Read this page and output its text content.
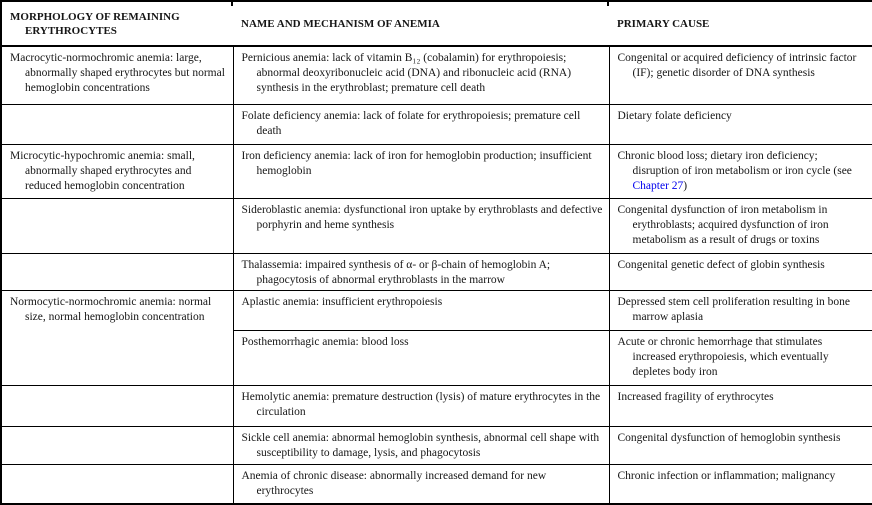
MORPHOLOGY OF REMAINING ERYTHROCYTES	NAME AND MECHANISM OF ANEMIA	PRIMARY CAUSE
Macrocytic-normochromic anemia: large, abnormally shaped erythrocytes but normal hemoglobin concentrations	Pernicious anemia: lack of vitamin B₁₂ (cobalamin) for erythropoiesis; abnormal deoxyribonucleic acid (DNA) and ribonucleic acid (RNA) synthesis in the erythroblast; premature cell death	Congenital or acquired deficiency of intrinsic factor (IF); genetic disorder of DNA synthesis
	Folate deficiency anemia: lack of folate for erythropoiesis; premature cell death	Dietary folate deficiency
Microcytic-hypochromic anemia: small, abnormally shaped erythrocytes and reduced hemoglobin concentration	Iron deficiency anemia: lack of iron for hemoglobin production; insufficient hemoglobin	Chronic blood loss; dietary iron deficiency; disruption of iron metabolism or iron cycle (see Chapter 27)
	Sideroblastic anemia: dysfunctional iron uptake by erythroblasts and defective porphyrin and heme synthesis	Congenital dysfunction of iron metabolism in erythroblasts; acquired dysfunction of iron metabolism as a result of drugs or toxins
	Thalassemia: impaired synthesis of α- or β-chain of hemoglobin A; phagocytosis of abnormal erythroblasts in the marrow	Congenital genetic defect of globin synthesis
Normocytic-normochromic anemia: normal size, normal hemoglobin concentration	Aplastic anemia: insufficient erythropoiesis	Depressed stem cell proliferation resulting in bone marrow aplasia
	Posthemorrhagic anemia: blood loss	Acute or chronic hemorrhage that stimulates increased erythropoiesis, which eventually depletes body iron
	Hemolytic anemia: premature destruction (lysis) of mature erythrocytes in the circulation	Increased fragility of erythrocytes
	Sickle cell anemia: abnormal hemoglobin synthesis, abnormal cell shape with susceptibility to damage, lysis, and phagocytosis	Congenital dysfunction of hemoglobin synthesis
	Anemia of chronic disease: abnormally increased demand for new erythrocytes	Chronic infection or inflammation; malignancy
